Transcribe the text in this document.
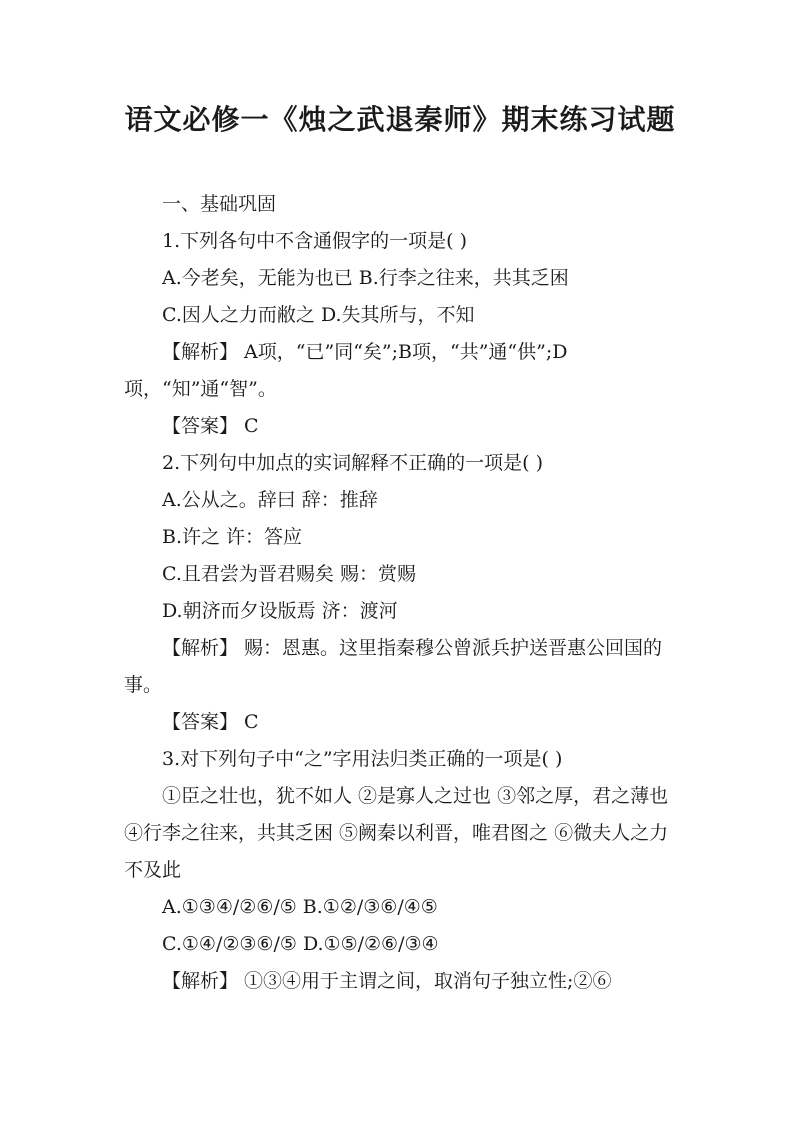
语文必修一《烛之武退秦师》期末练习试题

一、基础巩固

1.下列各句中不含通假字的一项是( )

A.今老矣，无能为也已 B.行李之往来，共其乏困

C.因人之力而敝之 D.失其所与，不知

【解析】 A项，“已”同“矣”;B项，“共”通“供”;D项，“知”通“智”。

【答案】 C

2.下列句中加点的实词解释不正确的一项是( )

A.公从之。辞曰 辞：推辞

B.许之 许：答应

C.且君尝为晋君赐矣 赐：赏赐

D.朝济而夕设版焉 济：渡河

【解析】 赐：恩惠。这里指秦穆公曾派兵护送晋惠公回国的事。

【答案】 C

3.对下列句子中“之”字用法归类正确的一项是( )

①臣之壮也，犹不如人 ②是寡人之过也 ③邻之厚，君之薄也 ④行李之往来，共其乏困 ⑤阙秦以利晋，唯君图之 ⑥微夫人之力不及此

A.①③④/②⑥/⑤ B.①②/③⑥/④⑤

C.①④/②③⑥/⑤ D.①⑤/②⑥/③④

【解析】 ①③④用于主谓之间，取消句子独立性;②⑥
